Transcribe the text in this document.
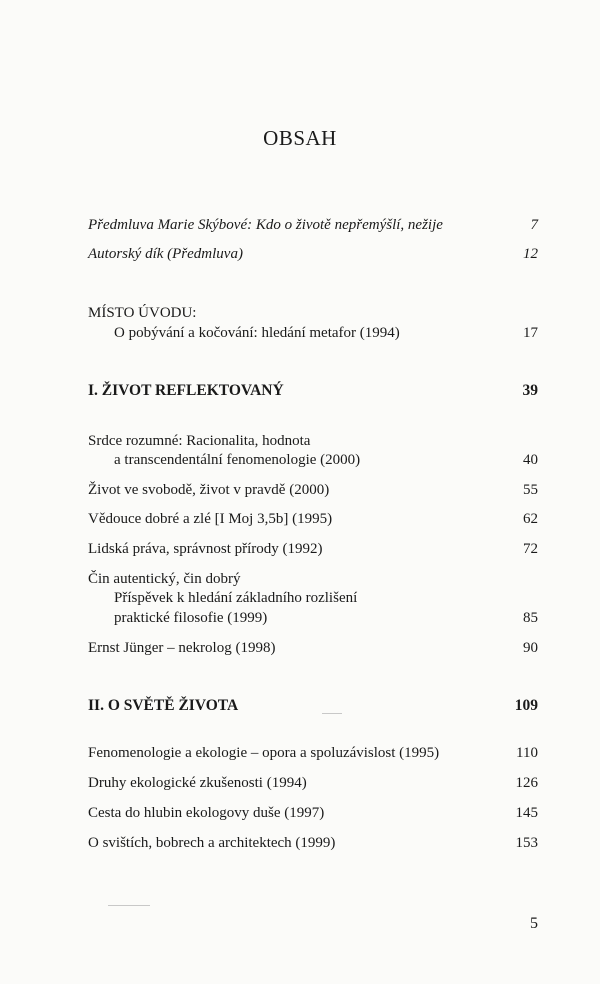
OBSAH
Předmluva Marie Skýbové: Kdo o životě nepřemýšlí, nežije	7
Autorský dík (Předmluva)	12
MÍSTO ÚVODU:
O pobývání a kočování: hledání metafor (1994)	17
I. ŽIVOT REFLEKTOVANÝ	39
Srdce rozumné: Racionalita, hodnota
a transcendentální fenomenologie (2000)	40
Život ve svobodě, život v pravdě (2000)	55
Vědouce dobré a zlé [I Moj 3,5b] (1995)	62
Lidská práva, správnost přírody (1992)	72
Čin autentický, čin dobrý
Příspěvek k hledání základního rozlišení
praktické filosofie (1999)	85
Ernst Jünger – nekrolog (1998)	90
II. O SVĚTĚ ŽIVOTA	109
Fenomenologie a ekologie – opora a spoluzávislost (1995)	110
Druhy ekologické zkušenosti (1994)	126
Cesta do hlubin ekologovy duše (1997)	145
O svištích, bobrech a architektech (1999)	153
5
